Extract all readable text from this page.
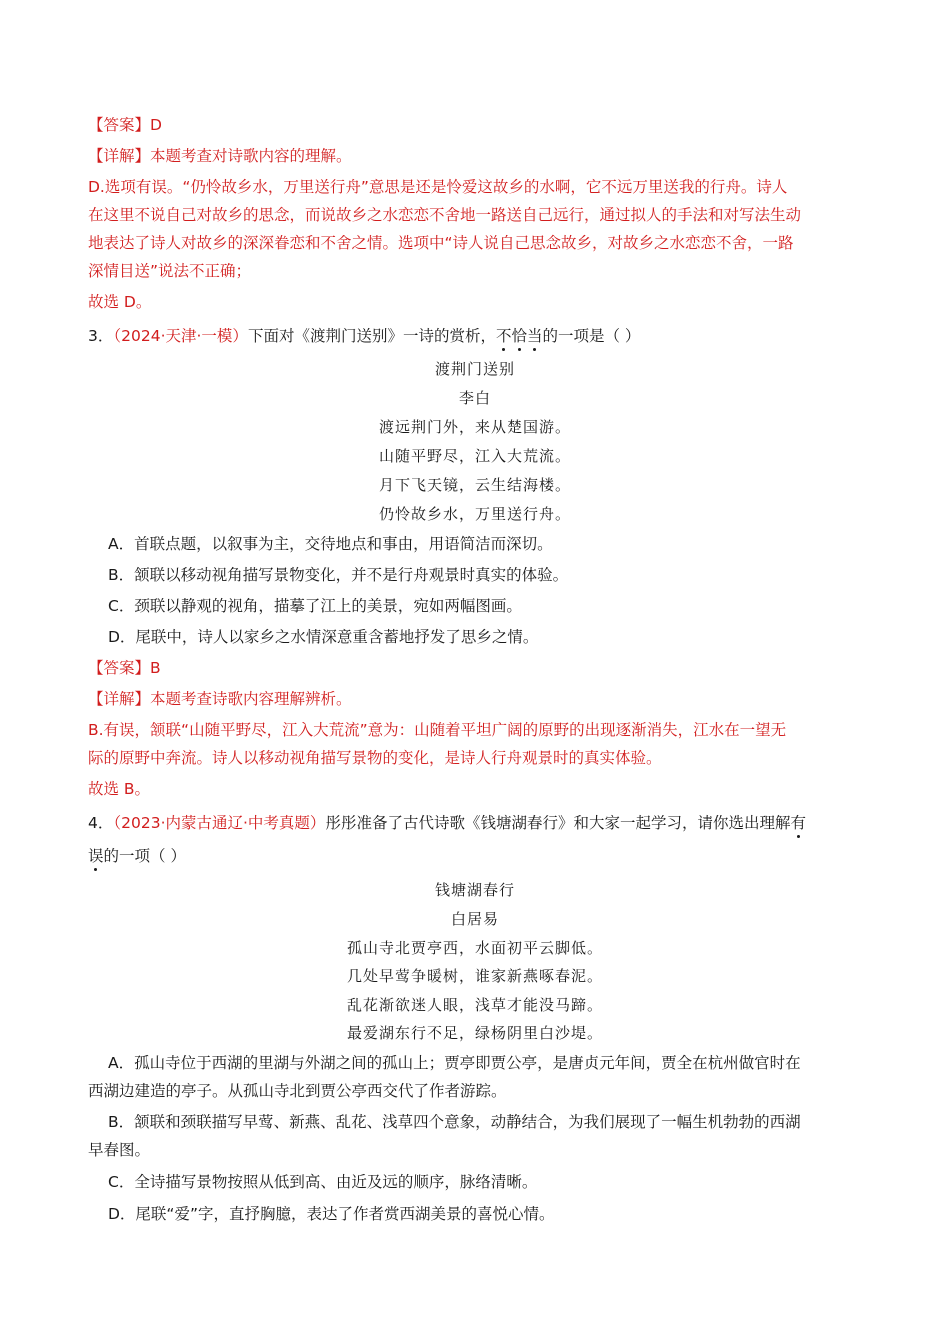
【答案】D
【详解】本题考查对诗歌内容的理解。
D.选项有误。“仍怜故乡水，万里送行舟”意思是还是怜爱这故乡的水啊，它不远万里送我的行舟。诗人
在这里不说自己对故乡的思念，而说故乡之水恋恋不舍地一路送自己远行，通过拟人的手法和对写法生动
地表达了诗人对故乡的深深眷恋和不舍之情。选项中“诗人说自己思念故乡，对故乡之水恋恋不舍，一路
深情目送”说法不正确；
故选 D。
3．（2024·天津·一模）下面对《渡荆门送别》一诗的赏析，不恰当的一项是（ ）
渡荆门送别
李白
渡远荆门外，来从楚国游。
山随平野尽，江入大荒流。
月下飞天镜，云生结海楼。
仍怜故乡水，万里送行舟。
A．首联点题，以叙事为主，交待地点和事由，用语简洁而深切。
B．颔联以移动视角描写景物变化，并不是行舟观景时真实的体验。
C．颈联以静观的视角，描摹了江上的美景，宛如两幅图画。
D．尾联中，诗人以家乡之水情深意重含蓄地抒发了思乡之情。
【答案】B
【详解】本题考查诗歌内容理解辨析。
B.有误，颔联“山随平野尽，江入大荒流”意为：山随着平坦广阔的原野的出现逐渐消失，江水在一望无
际的原野中奔流。诗人以移动视角描写景物的变化，是诗人行舟观景时的真实体验。
故选 B。
4．（2023·内蒙古通辽·中考真题）彤彤准备了古代诗歌《钱塘湖春行》和大家一起学习，请你选出理解有
误的一项（ ）
钱塘湖春行
白居易
孤山寺北贾亭西，水面初平云脚低。
几处早莺争暖树，谁家新燕啄春泥。
乱花渐欲迷人眼，浅草才能没马蹄。
最爱湖东行不足，绿杨阴里白沙堤。
A．孤山寺位于西湖的里湖与外湖之间的孤山上；贾亭即贾公亭，是唐贞元年间，贾全在杭州做官时在
西湖边建造的亭子。从孤山寺北到贾公亭西交代了作者游踪。
B．颔联和颈联描写早莺、新燕、乱花、浅草四个意象，动静结合，为我们展现了一幅生机勃勃的西湖
早春图。
C．全诗描写景物按照从低到高、由近及远的顺序，脉络清晰。
D．尾联“爱”字，直抒胸臆，表达了作者赏西湖美景的喜悦心情。
